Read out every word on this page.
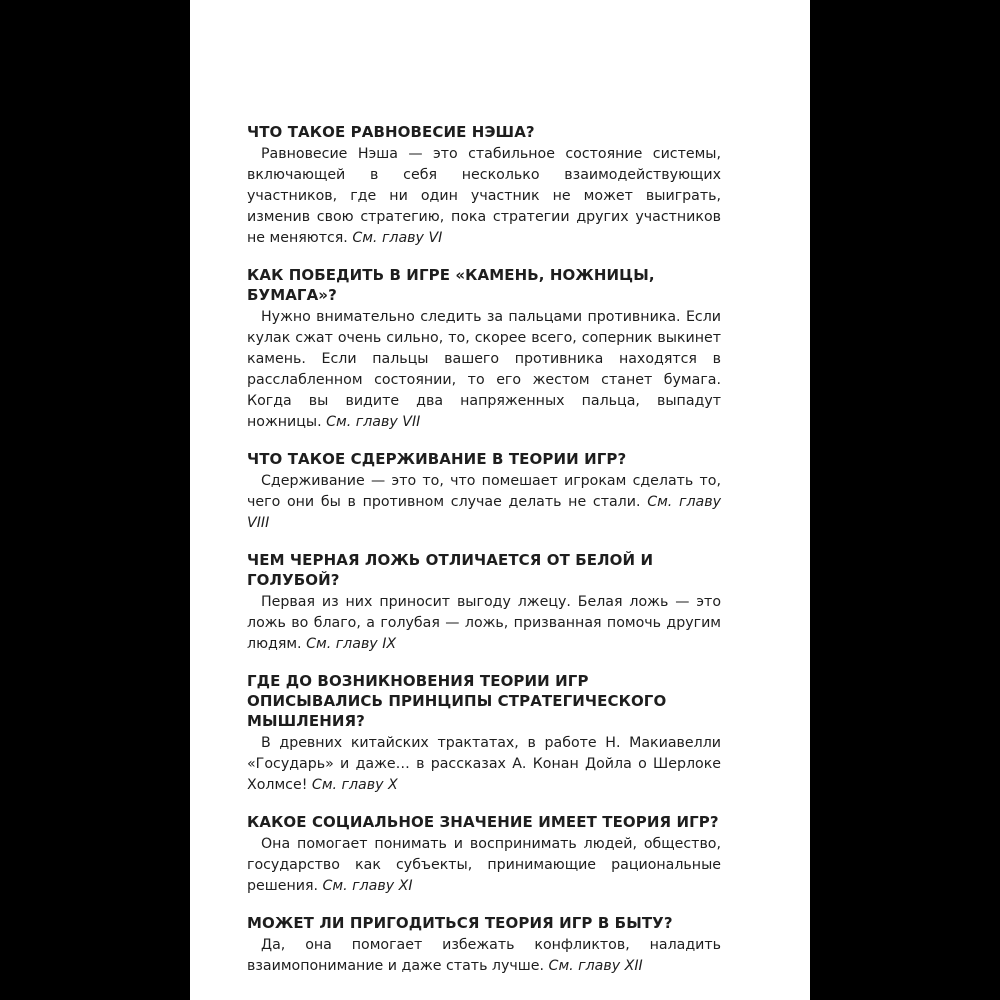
ЧТО ТАКОЕ РАВНОВЕСИЕ НЭША?

Равновесие Нэша — это стабильное состояние системы, включающей в себя несколько взаимодействующих участников, где ни один участник не может выиграть, изменив свою стратегию, пока стратегии других участников не меняются. См. главу VI

КАК ПОБЕДИТЬ В ИГРЕ «КАМЕНЬ, НОЖНИЦЫ, БУМАГА»?

Нужно внимательно следить за пальцами противника. Если кулак сжат очень сильно, то, скорее всего, соперник выкинет камень. Если пальцы вашего противника находятся в расслабленном состоянии, то его жестом станет бумага. Когда вы видите два напряженных пальца, выпадут ножницы. См. главу VII

ЧТО ТАКОЕ СДЕРЖИВАНИЕ В ТЕОРИИ ИГР?

Сдерживание — это то, что помешает игрокам сделать то, чего они бы в противном случае делать не стали. См. главу VIII

ЧЕМ ЧЕРНАЯ ЛОЖЬ ОТЛИЧАЕТСЯ ОТ БЕЛОЙ И ГОЛУБОЙ?

Первая из них приносит выгоду лжецу. Белая ложь — это ложь во благо, а голубая — ложь, призванная помочь другим людям. См. главу IX

ГДЕ ДО ВОЗНИКНОВЕНИЯ ТЕОРИИ ИГР ОПИСЫВАЛИСЬ ПРИНЦИПЫ СТРАТЕГИЧЕСКОГО МЫШЛЕНИЯ?

В древних китайских трактатах, в работе Н. Макиавелли «Государь» и даже… в рассказах А. Конан Дойла о Шерлоке Холмсе! См. главу X

КАКОЕ СОЦИАЛЬНОЕ ЗНАЧЕНИЕ ИМЕЕТ ТЕОРИЯ ИГР?

Она помогает понимать и воспринимать людей, общество, государство как субъекты, принимающие рациональные решения. См. главу XI

МОЖЕТ ЛИ ПРИГОДИТЬСЯ ТЕОРИЯ ИГР В БЫТУ?

Да, она помогает избежать конфликтов, наладить взаимопонимание и даже стать лучше. См. главу XII
